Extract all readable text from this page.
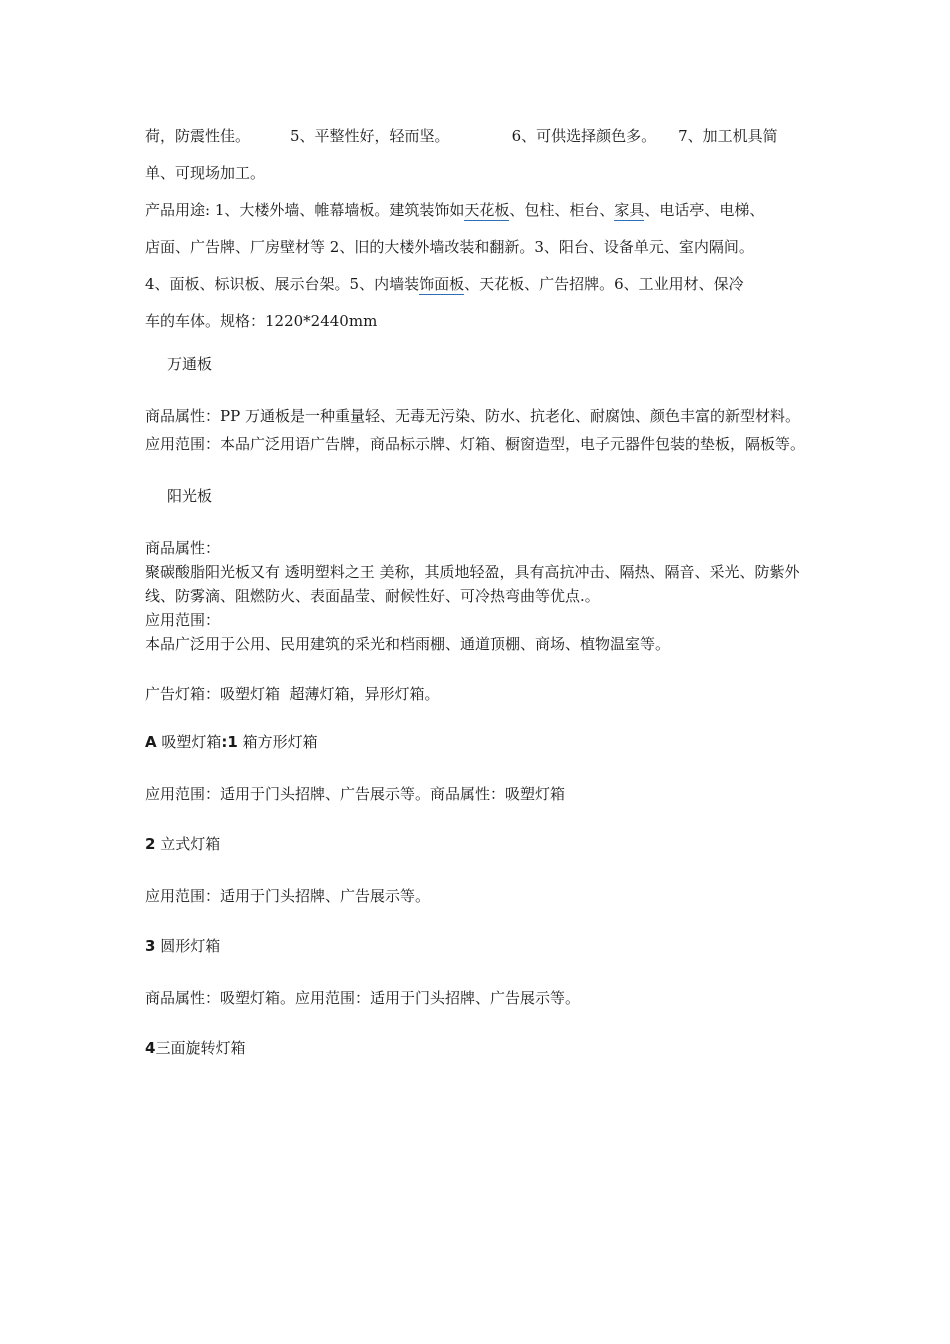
荷，防震性佳。	5、平整性好，轻而坚。	6、可供选择颜色多。 7、加工机具简

单、可现场加工。

产品用途: 1、大楼外墙、帷幕墙板。建筑装饰如天花板、包柱、柜台、家具、电话亭、电梯、

店面、广告牌、厂房壁材等 2、旧的大楼外墙改装和翻新。3、阳台、设备单元、室内隔间。

4、面板、标识板、展示台架。5、内墙装饰面板、天花板、广告招牌。6、工业用材、保冷

车的车体。规格：1220*2440mm

万通板

商品属性：PP 万通板是一种重量轻、无毒无污染、防水、抗老化、耐腐蚀、颜色丰富的新型材料。

应用范围：本品广泛用语广告牌，商品标示牌、灯箱、橱窗造型，电子元器件包装的垫板，隔板等。

阳光板

商品属性：

聚碳酸脂阳光板又有 透明塑料之王 美称，其质地轻盈，具有高抗冲击、隔热、隔音、采光、防紫外线、防雾滴、阻燃防火、表面晶莹、耐候性好、可冷热弯曲等优点.。

应用范围：

本品广泛用于公用、民用建筑的采光和档雨棚、通道顶棚、商场、植物温室等。

广告灯箱：吸塑灯箱  超薄灯箱，异形灯箱。

A 吸塑灯箱:1 箱方形灯箱

应用范围：适用于门头招牌、广告展示等。商品属性：吸塑灯箱

2 立式灯箱

应用范围：适用于门头招牌、广告展示等。

3 圆形灯箱

商品属性：吸塑灯箱。应用范围：适用于门头招牌、广告展示等。

4三面旋转灯箱
